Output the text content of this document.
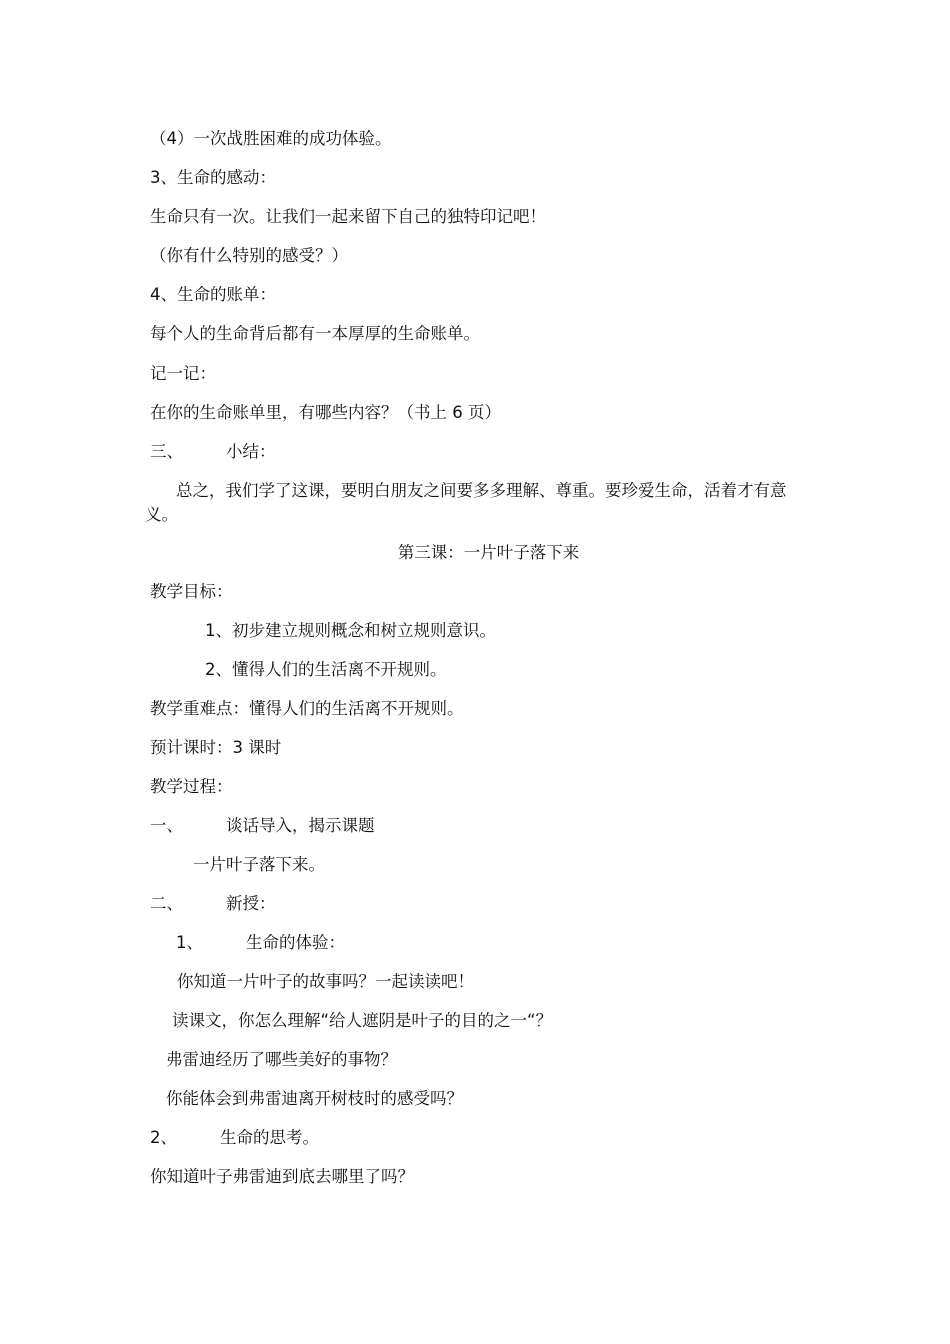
（4）一次战胜困难的成功体验。
3、生命的感动：
生命只有一次。让我们一起来留下自己的独特印记吧！
（你有什么特别的感受？）
4、生命的账单：
每个人的生命背后都有一本厚厚的生命账单。
记一记：
在你的生命账单里，有哪些内容？（书上 6 页）
三、	小结：
总之，我们学了这课，要明白朋友之间要多多理解、尊重。要珍爱生命，活着才有意义。
第三课：一片叶子落下来
教学目标：
1、初步建立规则概念和树立规则意识。
2、懂得人们的生活离不开规则。
教学重难点：懂得人们的生活离不开规则。
预计课时：3 课时
教学过程：
一、	谈话导入，揭示课题
一片叶子落下来。
二、	新授：
1、	生命的体验：
你知道一片叶子的故事吗？一起读读吧！
读课文，你怎么理解“给人遮阴是叶子的目的之一“？
弗雷迪经历了哪些美好的事物？
你能体会到弗雷迪离开树枝时的感受吗？
2、	生命的思考。
你知道叶子弗雷迪到底去哪里了吗？
